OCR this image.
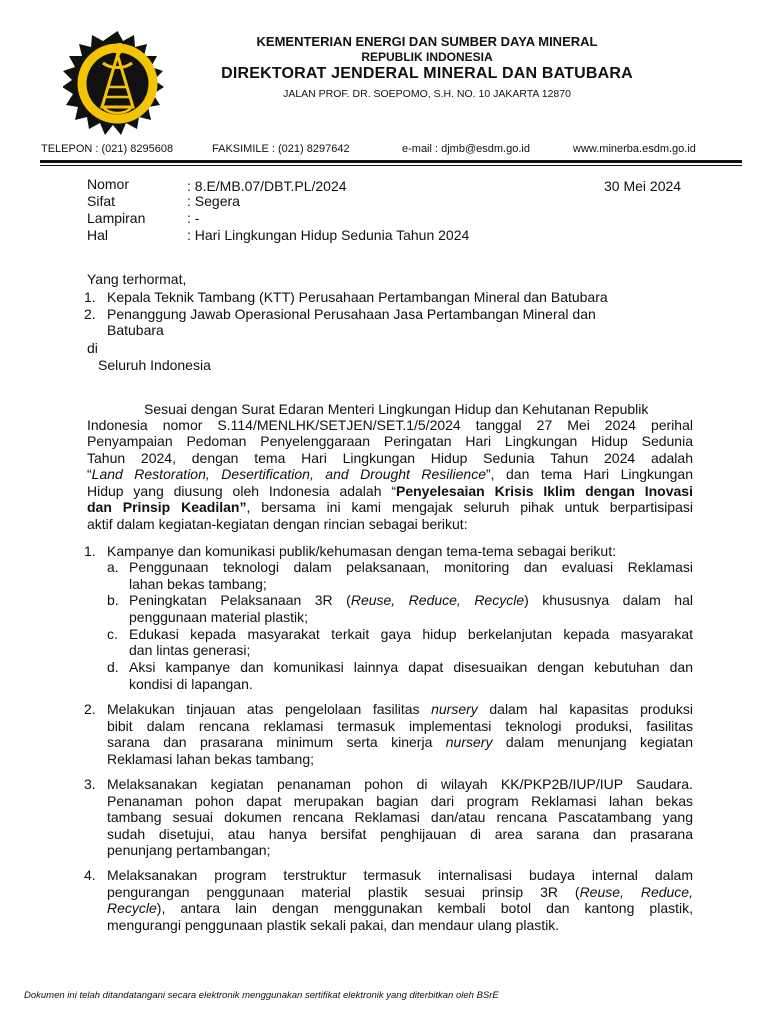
KEMENTERIAN ENERGI DAN SUMBER DAYA MINERAL
REPUBLIK INDONESIA
DIREKTORAT JENDERAL MINERAL DAN BATUBARA
JALAN PROF. DR. SOEPOMO, S.H. NO. 10 JAKARTA 12870
TELEPON : (021) 8295608	FAKSIMILE : (021) 8297642	e-mail : djmb@esdm.go.id	www.minerba.esdm.go.id
Nomor	: 8.E/MB.07/DBT.PL/2024	30 Mei 2024
Sifat	: Segera
Lampiran	: -
Hal	: Hari Lingkungan Hidup Sedunia Tahun 2024
Yang terhormat,
1. Kepala Teknik Tambang (KTT) Perusahaan Pertambangan Mineral dan Batubara
2. Penanggung Jawab Operasional Perusahaan Jasa Pertambangan Mineral dan
Batubara
di
Seluruh Indonesia
Sesuai dengan Surat Edaran Menteri Lingkungan Hidup dan Kehutanan Republik
Indonesia nomor S.114/MENLHK/SETJEN/SET.1/5/2024 tanggal 27 Mei 2024 perihal
Penyampaian Pedoman Penyelenggaraan Peringatan Hari Lingkungan Hidup Sedunia
Tahun 2024, dengan tema Hari Lingkungan Hidup Sedunia Tahun 2024 adalah
“Land Restoration, Desertification, and Drought Resilience”, dan tema Hari Lingkungan
Hidup yang diusung oleh Indonesia adalah “Penyelesaian Krisis Iklim dengan Inovasi
dan Prinsip Keadilan”, bersama ini kami mengajak seluruh pihak untuk berpartisipasi
aktif dalam kegiatan-kegiatan dengan rincian sebagai berikut:
1. Kampanye dan komunikasi publik/kehumasan dengan tema-tema sebagai berikut:
a. Penggunaan teknologi dalam pelaksanaan, monitoring dan evaluasi Reklamasi
lahan bekas tambang;
b. Peningkatan Pelaksanaan 3R (Reuse, Reduce, Recycle) khususnya dalam hal
penggunaan material plastik;
c. Edukasi kepada masyarakat terkait gaya hidup berkelanjutan kepada masyarakat
dan lintas generasi;
d. Aksi kampanye dan komunikasi lainnya dapat disesuaikan dengan kebutuhan dan
kondisi di lapangan.
2. Melakukan tinjauan atas pengelolaan fasilitas nursery dalam hal kapasitas produksi
bibit dalam rencana reklamasi termasuk implementasi teknologi produksi, fasilitas
sarana dan prasarana minimum serta kinerja nursery dalam menunjang kegiatan
Reklamasi lahan bekas tambang;
3. Melaksanakan kegiatan penanaman pohon di wilayah KK/PKP2B/IUP/IUP Saudara.
Penanaman pohon dapat merupakan bagian dari program Reklamasi lahan bekas
tambang sesuai dokumen rencana Reklamasi dan/atau rencana Pascatambang yang
sudah disetujui, atau hanya bersifat penghijauan di area sarana dan prasarana
penunjang pertambangan;
4. Melaksanakan program terstruktur termasuk internalisasi budaya internal dalam
pengurangan penggunaan material plastik sesuai prinsip 3R (Reuse, Reduce,
Recycle), antara lain dengan menggunakan kembali botol dan kantong plastik,
mengurangi penggunaan plastik sekali pakai, dan mendaur ulang plastik.
Dokumen ini telah ditandatangani secara elektronik menggunakan sertifikat elektronik yang diterbitkan oleh BSrE
